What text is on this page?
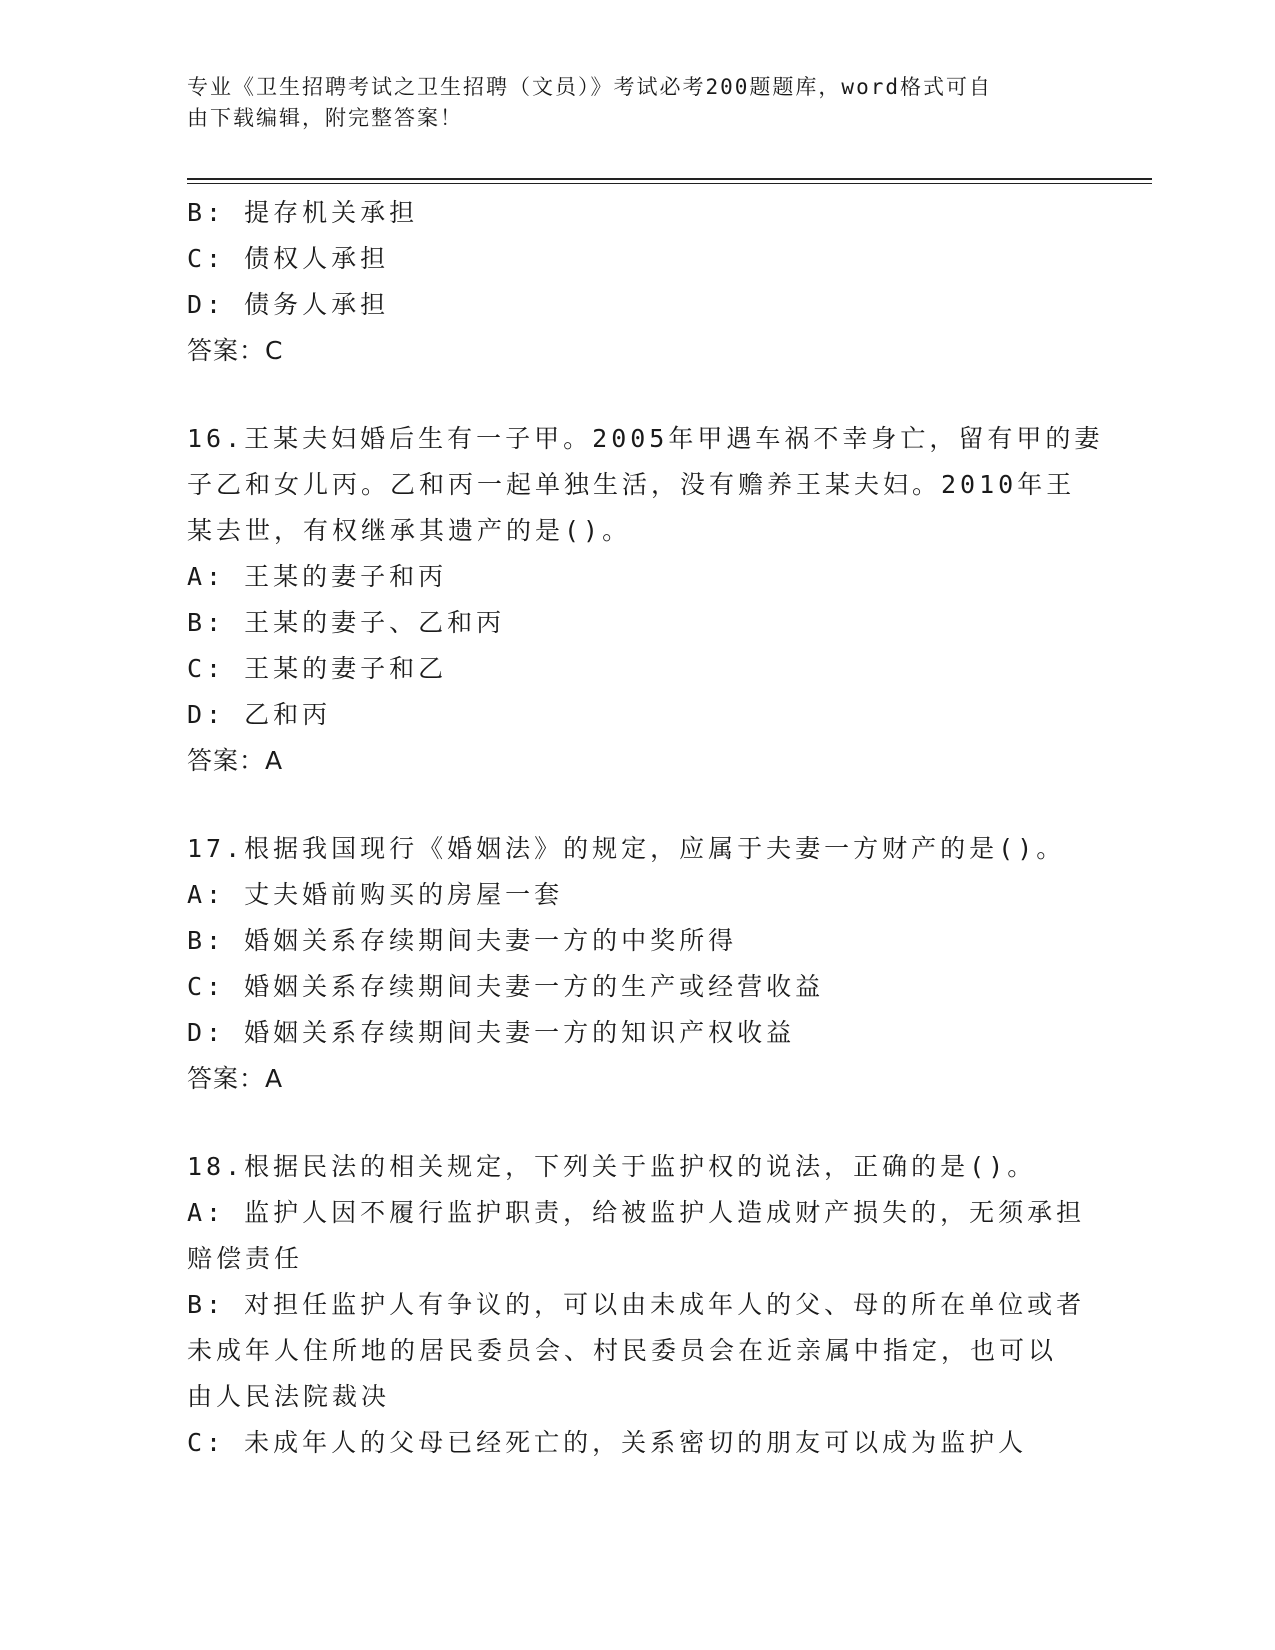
专业《卫生招聘考试之卫生招聘（文员）》考试必考200题题库，word格式可自
由下载编辑，附完整答案！
B: 提存机关承担
C: 债权人承担
D: 债务人承担
答案：C
16.王某夫妇婚后生有一子甲。2005年甲遇车祸不幸身亡，留有甲的妻
子乙和女儿丙。乙和丙一起单独生活，没有赡养王某夫妇。2010年王
某去世，有权继承其遗产的是()。
A: 王某的妻子和丙
B: 王某的妻子、乙和丙
C: 王某的妻子和乙
D: 乙和丙
答案：A
17.根据我国现行《婚姻法》的规定，应属于夫妻一方财产的是()。
A: 丈夫婚前购买的房屋一套
B: 婚姻关系存续期间夫妻一方的中奖所得
C: 婚姻关系存续期间夫妻一方的生产或经营收益
D: 婚姻关系存续期间夫妻一方的知识产权收益
答案：A
18.根据民法的相关规定，下列关于监护权的说法，正确的是()。
A: 监护人因不履行监护职责，给被监护人造成财产损失的，无须承担
赔偿责任
B: 对担任监护人有争议的，可以由未成年人的父、母的所在单位或者
未成年人住所地的居民委员会、村民委员会在近亲属中指定，也可以
由人民法院裁决
C: 未成年人的父母已经死亡的，关系密切的朋友可以成为监护人
